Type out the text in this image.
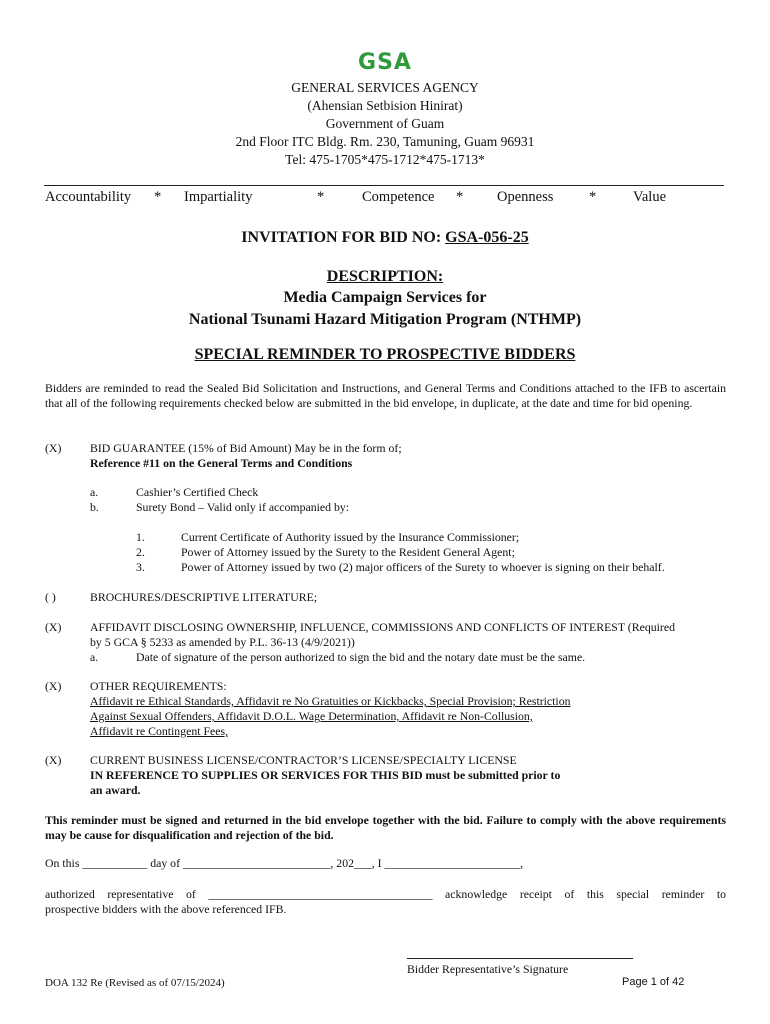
GSA
GENERAL SERVICES AGENCY
(Ahensian Setbision Hinirat)
Government of Guam
2nd Floor ITC Bldg. Rm. 230, Tamuning, Guam 96931
Tel: 475-1705*475-1712*475-1713*
Accountability * Impartiality	*	Competence * Openness *	Value
INVITATION FOR BID NO: GSA-056-25
DESCRIPTION:
Media Campaign Services for
National Tsunami Hazard Mitigation Program (NTHMP)
SPECIAL REMINDER TO PROSPECTIVE BIDDERS
Bidders are reminded to read the Sealed Bid Solicitation and Instructions, and General Terms and Conditions attached to the IFB to ascertain that all of the following requirements checked below are submitted in the bid envelope, in duplicate, at the date and time for bid opening.
(X) BID GUARANTEE (15% of Bid Amount) May be in the form of;
Reference #11 on the General Terms and Conditions
a.	Cashier’s Certified Check
b.	Surety Bond – Valid only if accompanied by:
1.	Current Certificate of Authority issued by the Insurance Commissioner;
2.	Power of Attorney issued by the Surety to the Resident General Agent;
3.	Power of Attorney issued by two (2) major officers of the Surety to whoever is signing on their behalf.
( )	BROCHURES/DESCRIPTIVE LITERATURE;
(X) AFFIDAVIT DISCLOSING OWNERSHIP, INFLUENCE, COMMISSIONS AND CONFLICTS OF INTEREST (Required
by 5 GCA § 5233 as amended by P.L. 36-13 (4/9/2021))
a.	Date of signature of the person authorized to sign the bid and the notary date must be the same.
(X) OTHER REQUIREMENTS:
Affidavit re Ethical Standards, Affidavit re No Gratuities or Kickbacks, Special Provision; Restriction
Against Sexual Offenders, Affidavit D.O.L. Wage Determination, Affidavit re Non-Collusion,
Affidavit re Contingent Fees,
(X) CURRENT BUSINESS LICENSE/CONTRACTOR’S LICENSE/SPECIALTY LICENSE
IN REFERENCE TO SUPPLIES OR SERVICES FOR THIS BID must be submitted prior to
an award.
This reminder must be signed and returned in the bid envelope together with the bid. Failure to comply with the above requirements may be cause for disqualification and rejection of the bid.
On this ___________ day of _________________________, 202___, I _______________________,
authorized representative of ______________________________________ acknowledge receipt of this special reminder to
prospective bidders with the above referenced IFB.
Bidder Representative’s Signature
DOA 132 Re (Revised as of 07/15/2024)	Page 1 of 42
